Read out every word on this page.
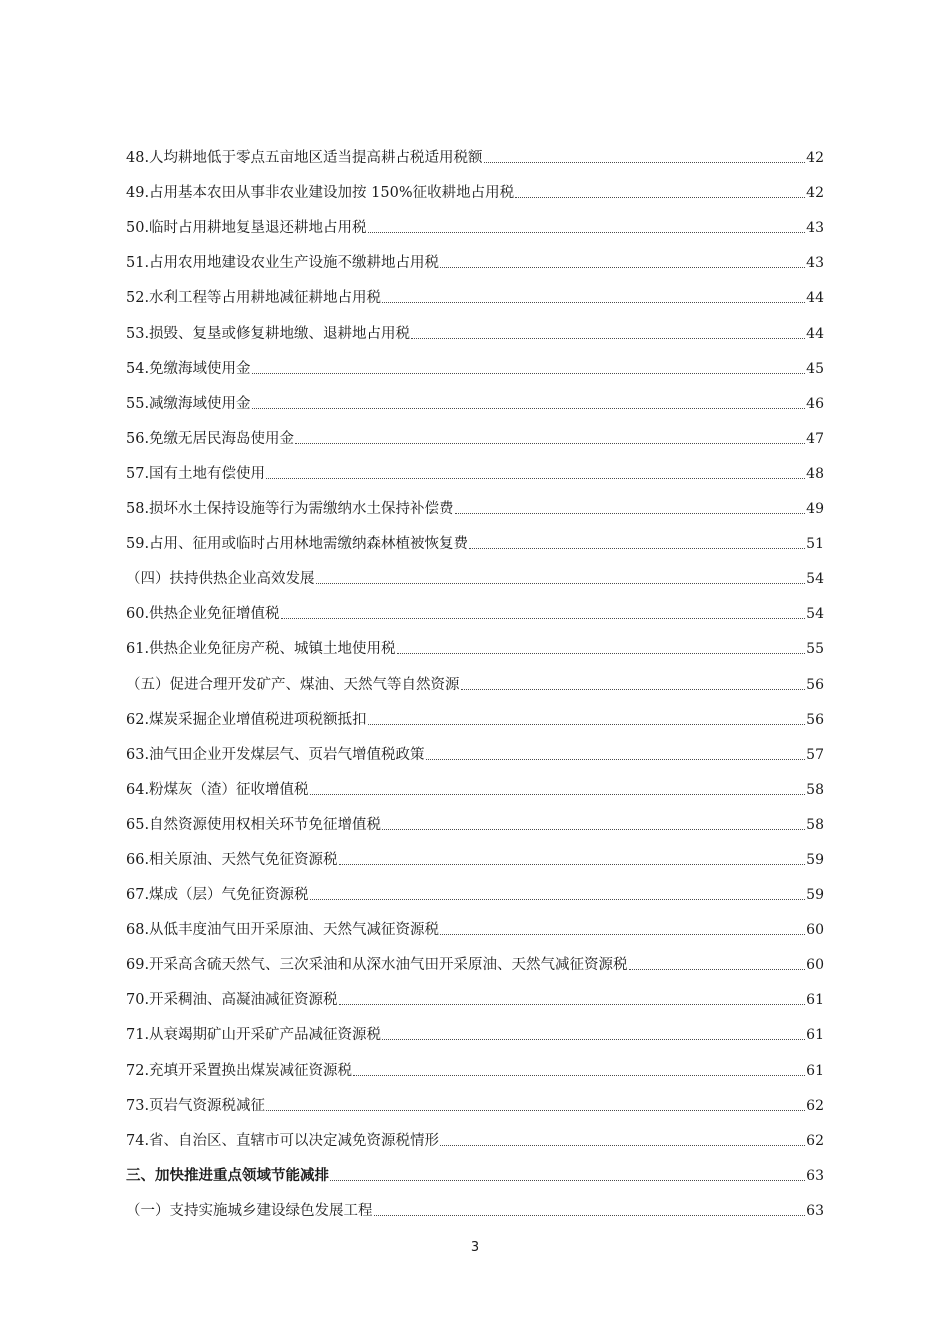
48.人均耕地低于零点五亩地区适当提高耕占税适用税额	42
49.占用基本农田从事非农业建设加按 150%征收耕地占用税	42
50.临时占用耕地复垦退还耕地占用税	43
51.占用农用地建设农业生产设施不缴耕地占用税	43
52.水利工程等占用耕地减征耕地占用税	44
53.损毁、复垦或修复耕地缴、退耕地占用税	44
54.免缴海域使用金	45
55.减缴海域使用金	46
56.免缴无居民海岛使用金	47
57.国有土地有偿使用	48
58.损坏水土保持设施等行为需缴纳水土保持补偿费	49
59.占用、征用或临时占用林地需缴纳森林植被恢复费	51
（四）扶持供热企业高效发展	54
60.供热企业免征增值税	54
61.供热企业免征房产税、城镇土地使用税	55
（五）促进合理开发矿产、煤油、天然气等自然资源	56
62.煤炭采掘企业增值税进项税额抵扣	56
63.油气田企业开发煤层气、页岩气增值税政策	57
64.粉煤灰（渣）征收增值税	58
65.自然资源使用权相关环节免征增值税	58
66.相关原油、天然气免征资源税	59
67.煤成（层）气免征资源税	59
68.从低丰度油气田开采原油、天然气减征资源税	60
69.开采高含硫天然气、三次采油和从深水油气田开采原油、天然气减征资源税	60
70.开采稠油、高凝油减征资源税	61
71.从衰竭期矿山开采矿产品减征资源税	61
72.充填开采置换出煤炭减征资源税	61
73.页岩气资源税减征	62
74.省、自治区、直辖市可以决定减免资源税情形	62
三、加快推进重点领域节能减排	63
（一）支持实施城乡建设绿色发展工程	63
3
